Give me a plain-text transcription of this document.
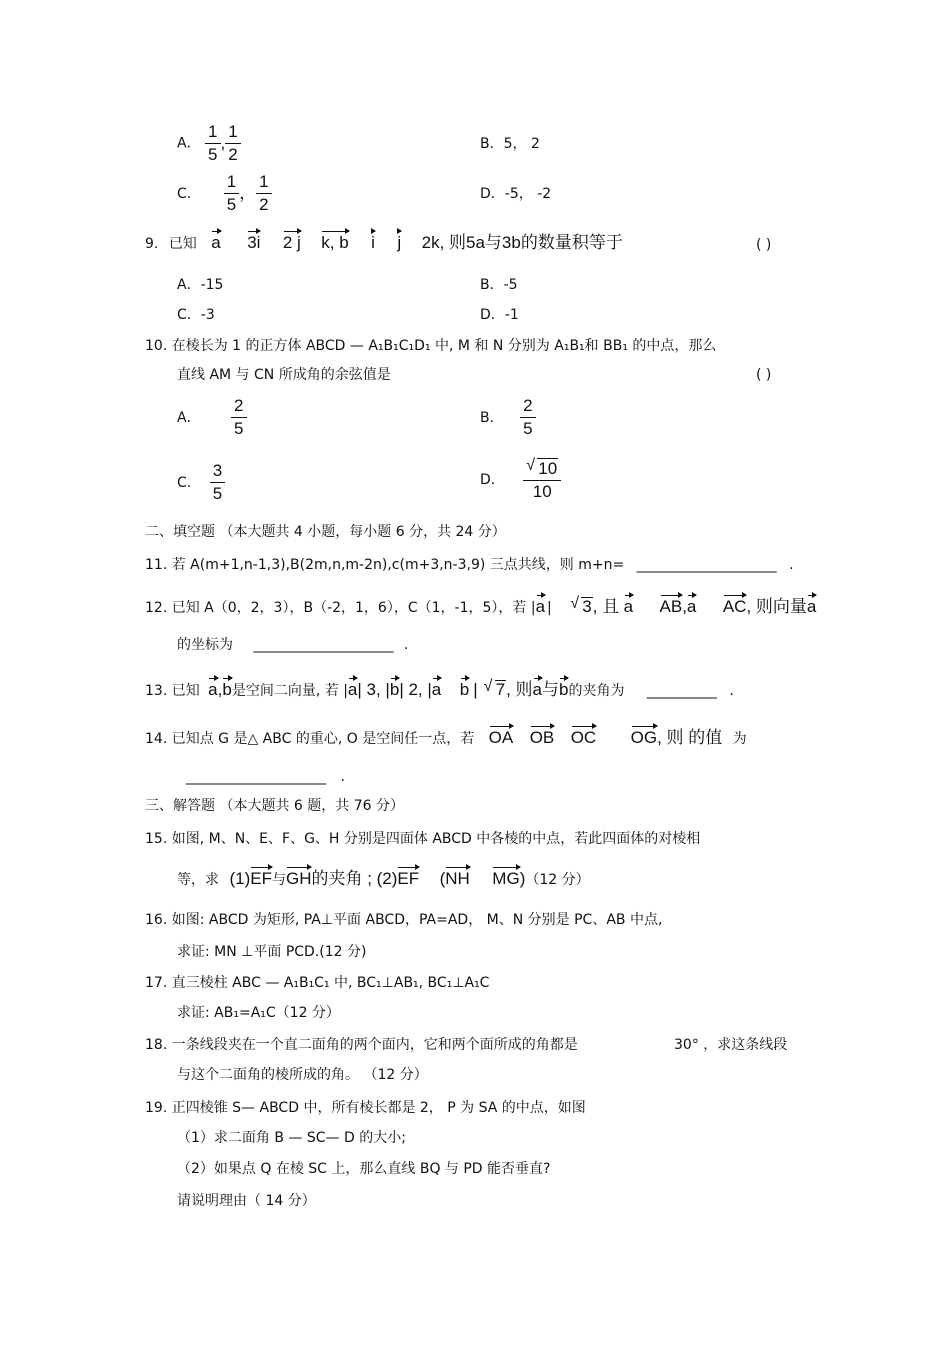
A． $\frac{1}{5}$ , $\frac{1}{2}$	B．5， 2
C. $\frac{1}{5}$ ， $\frac{1}{2}$	D．-5， -2
9. 已知 a 3i 2 j k, b i j 2k, 则5a与3b的数量积等于	( )
A．-15	B．-5
C．-3	D．-1
10. 在棱长为 1 的正方体 ABCD — A₁B₁C₁D₁ 中, M 和 N 分别为 A₁B₁和 BB₁ 的中点，那么
直线 AM 与 CN 所成角的余弦值是	( )
A． $\frac{2}{5}$	B． $\frac{2}{5}$
C. $\frac{3}{5}$	D． $\frac{√ 10}{10}$
二、填空题 （本大题共 4 小题，每小题 6 分，共 24 分）
11. 若 A(m+1,n-1,3),B(2m,n,m-2n),c(m+3,n-3,9) 三点共线，则 m+n= ____________________ .
12. 已知 A（0，2，3），B（-2，1，6），C（1，-1，5），若 |a | √ 3, 且 a AB,a AC, 则向量a
的坐标为 ____________________ .
13. 已知 a,b是空间二向量, 若 |a| 3, |b| 2, |a b | √ 7, 则a与b的夹角为 __________ .
14. 已知点 G 是△ ABC 的重心, O 是空间任一点，若 OA OB OC OG, 则 的值 为
____________________ .
三、解答题 （本大题共 6 题，共 76 分）
15. 如图, M、N、E、F、G、H 分别是四面体 ABCD 中各棱的中点，若此四面体的对棱相
等，求 (1)EF与GH的夹角 ; (2)EF (NH MG)（12 分）
16. 如图: ABCD 为矩形, PA⊥平面 ABCD，PA=AD， M、N 分别是 PC、AB 中点,
求证: MN ⊥平面 PCD.(12 分)
17. 直三棱柱 ABC — A₁B₁C₁ 中, BC₁⊥AB₁, BC₁⊥A₁C
求证: AB₁=A₁C（12 分）
18. 一条线段夹在一个直二面角的两个面内，它和两个面所成的角都是	30° ，求这条线段
与这个二面角的棱所成的角。 （12 分）
19. 正四棱锥 S— ABCD 中，所有棱长都是 2， P 为 SA 的中点，如图
（1）求二面角 B — SC— D 的大小;
（2）如果点 Q 在棱 SC 上，那么直线 BQ 与 PD 能否垂直?
请说明理由（ 14 分）
